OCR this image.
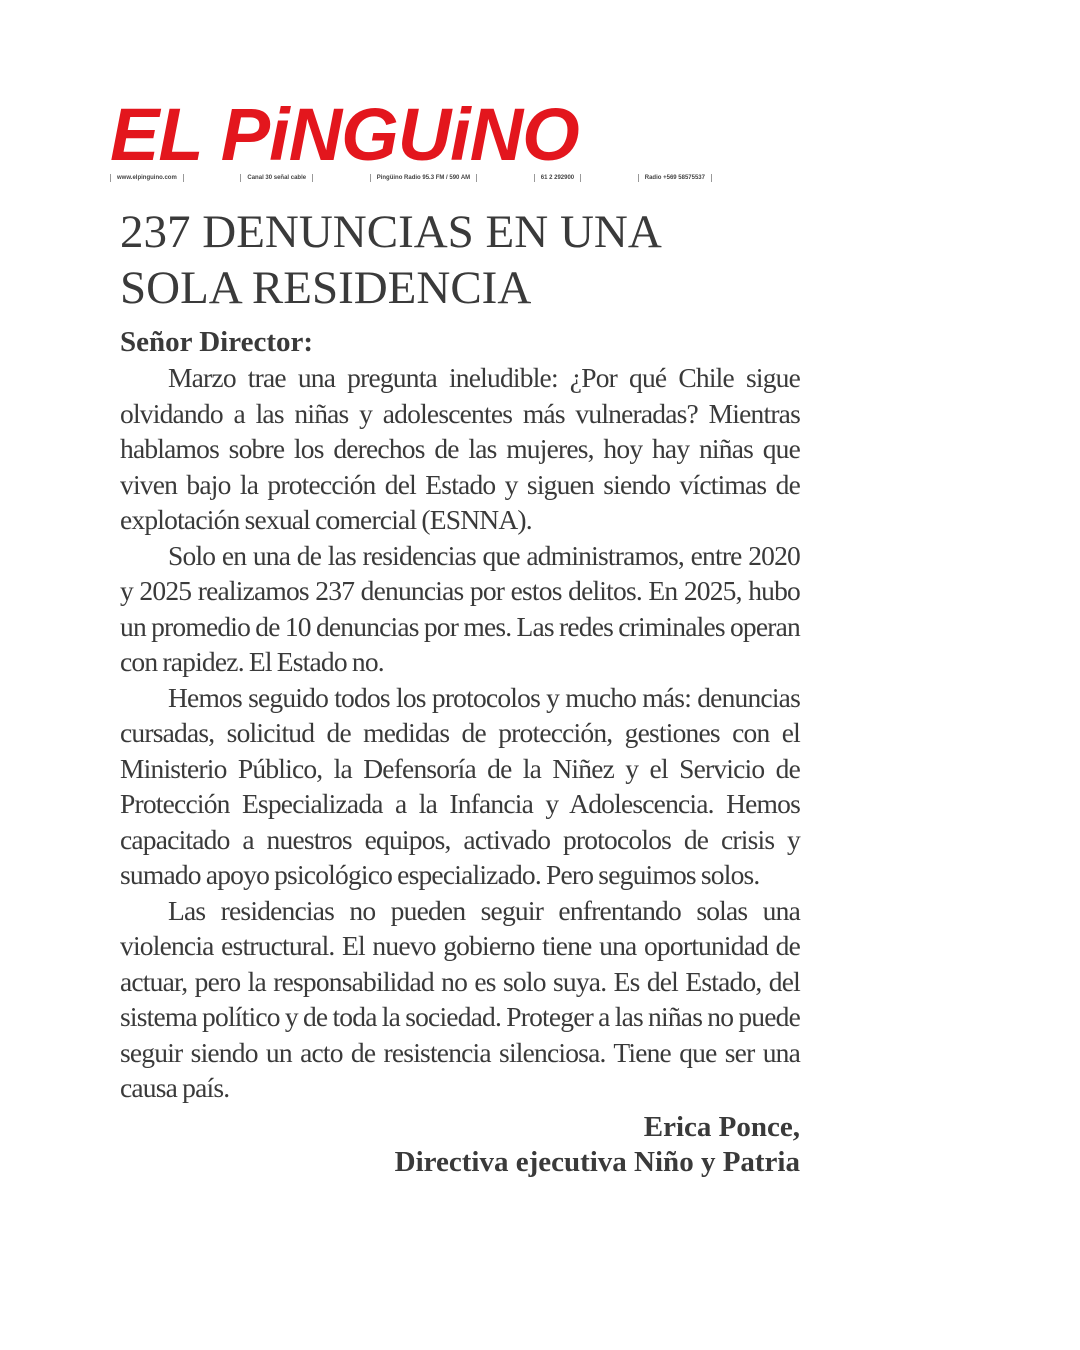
EL PiNGUiNO
www.elpinguino.com	Canal 30 señal cable	Pingüino Radio 95.3 FM / 590 AM	61 2 292900	Radio +569 58575537
237 DENUNCIAS EN UNA SOLA RESIDENCIA
Señor Director:

Marzo trae una pregunta ineludible: ¿Por qué Chile sigue olvidando a las niñas y adolescentes más vulneradas? Mientras hablamos sobre los derechos de las mujeres, hoy hay niñas que viven bajo la protección del Estado y siguen siendo víctimas de explotación sexual comercial (ESNNA).

Solo en una de las residencias que administramos, entre 2020 y 2025 realizamos 237 denuncias por estos delitos. En 2025, hubo un promedio de 10 denuncias por mes. Las redes criminales operan con rapidez. El Estado no.

Hemos seguido todos los protocolos y mucho más: denuncias cursadas, solicitud de medidas de protección, gestiones con el Ministerio Público, la Defensoría de la Niñez y el Servicio de Protección Especializada a la Infancia y Adolescencia. Hemos capacitado a nuestros equipos, activado protocolos de crisis y sumado apoyo psicológico especializado. Pero seguimos solos.

Las residencias no pueden seguir enfrentando solas una violencia estructural. El nuevo gobierno tiene una oportunidad de actuar, pero la responsabilidad no es solo suya. Es del Estado, del sistema político y de toda la sociedad. Proteger a las niñas no puede seguir siendo un acto de resistencia silenciosa. Tiene que ser una causa país.

Erica Ponce,
Directiva ejecutiva Niño y Patria
